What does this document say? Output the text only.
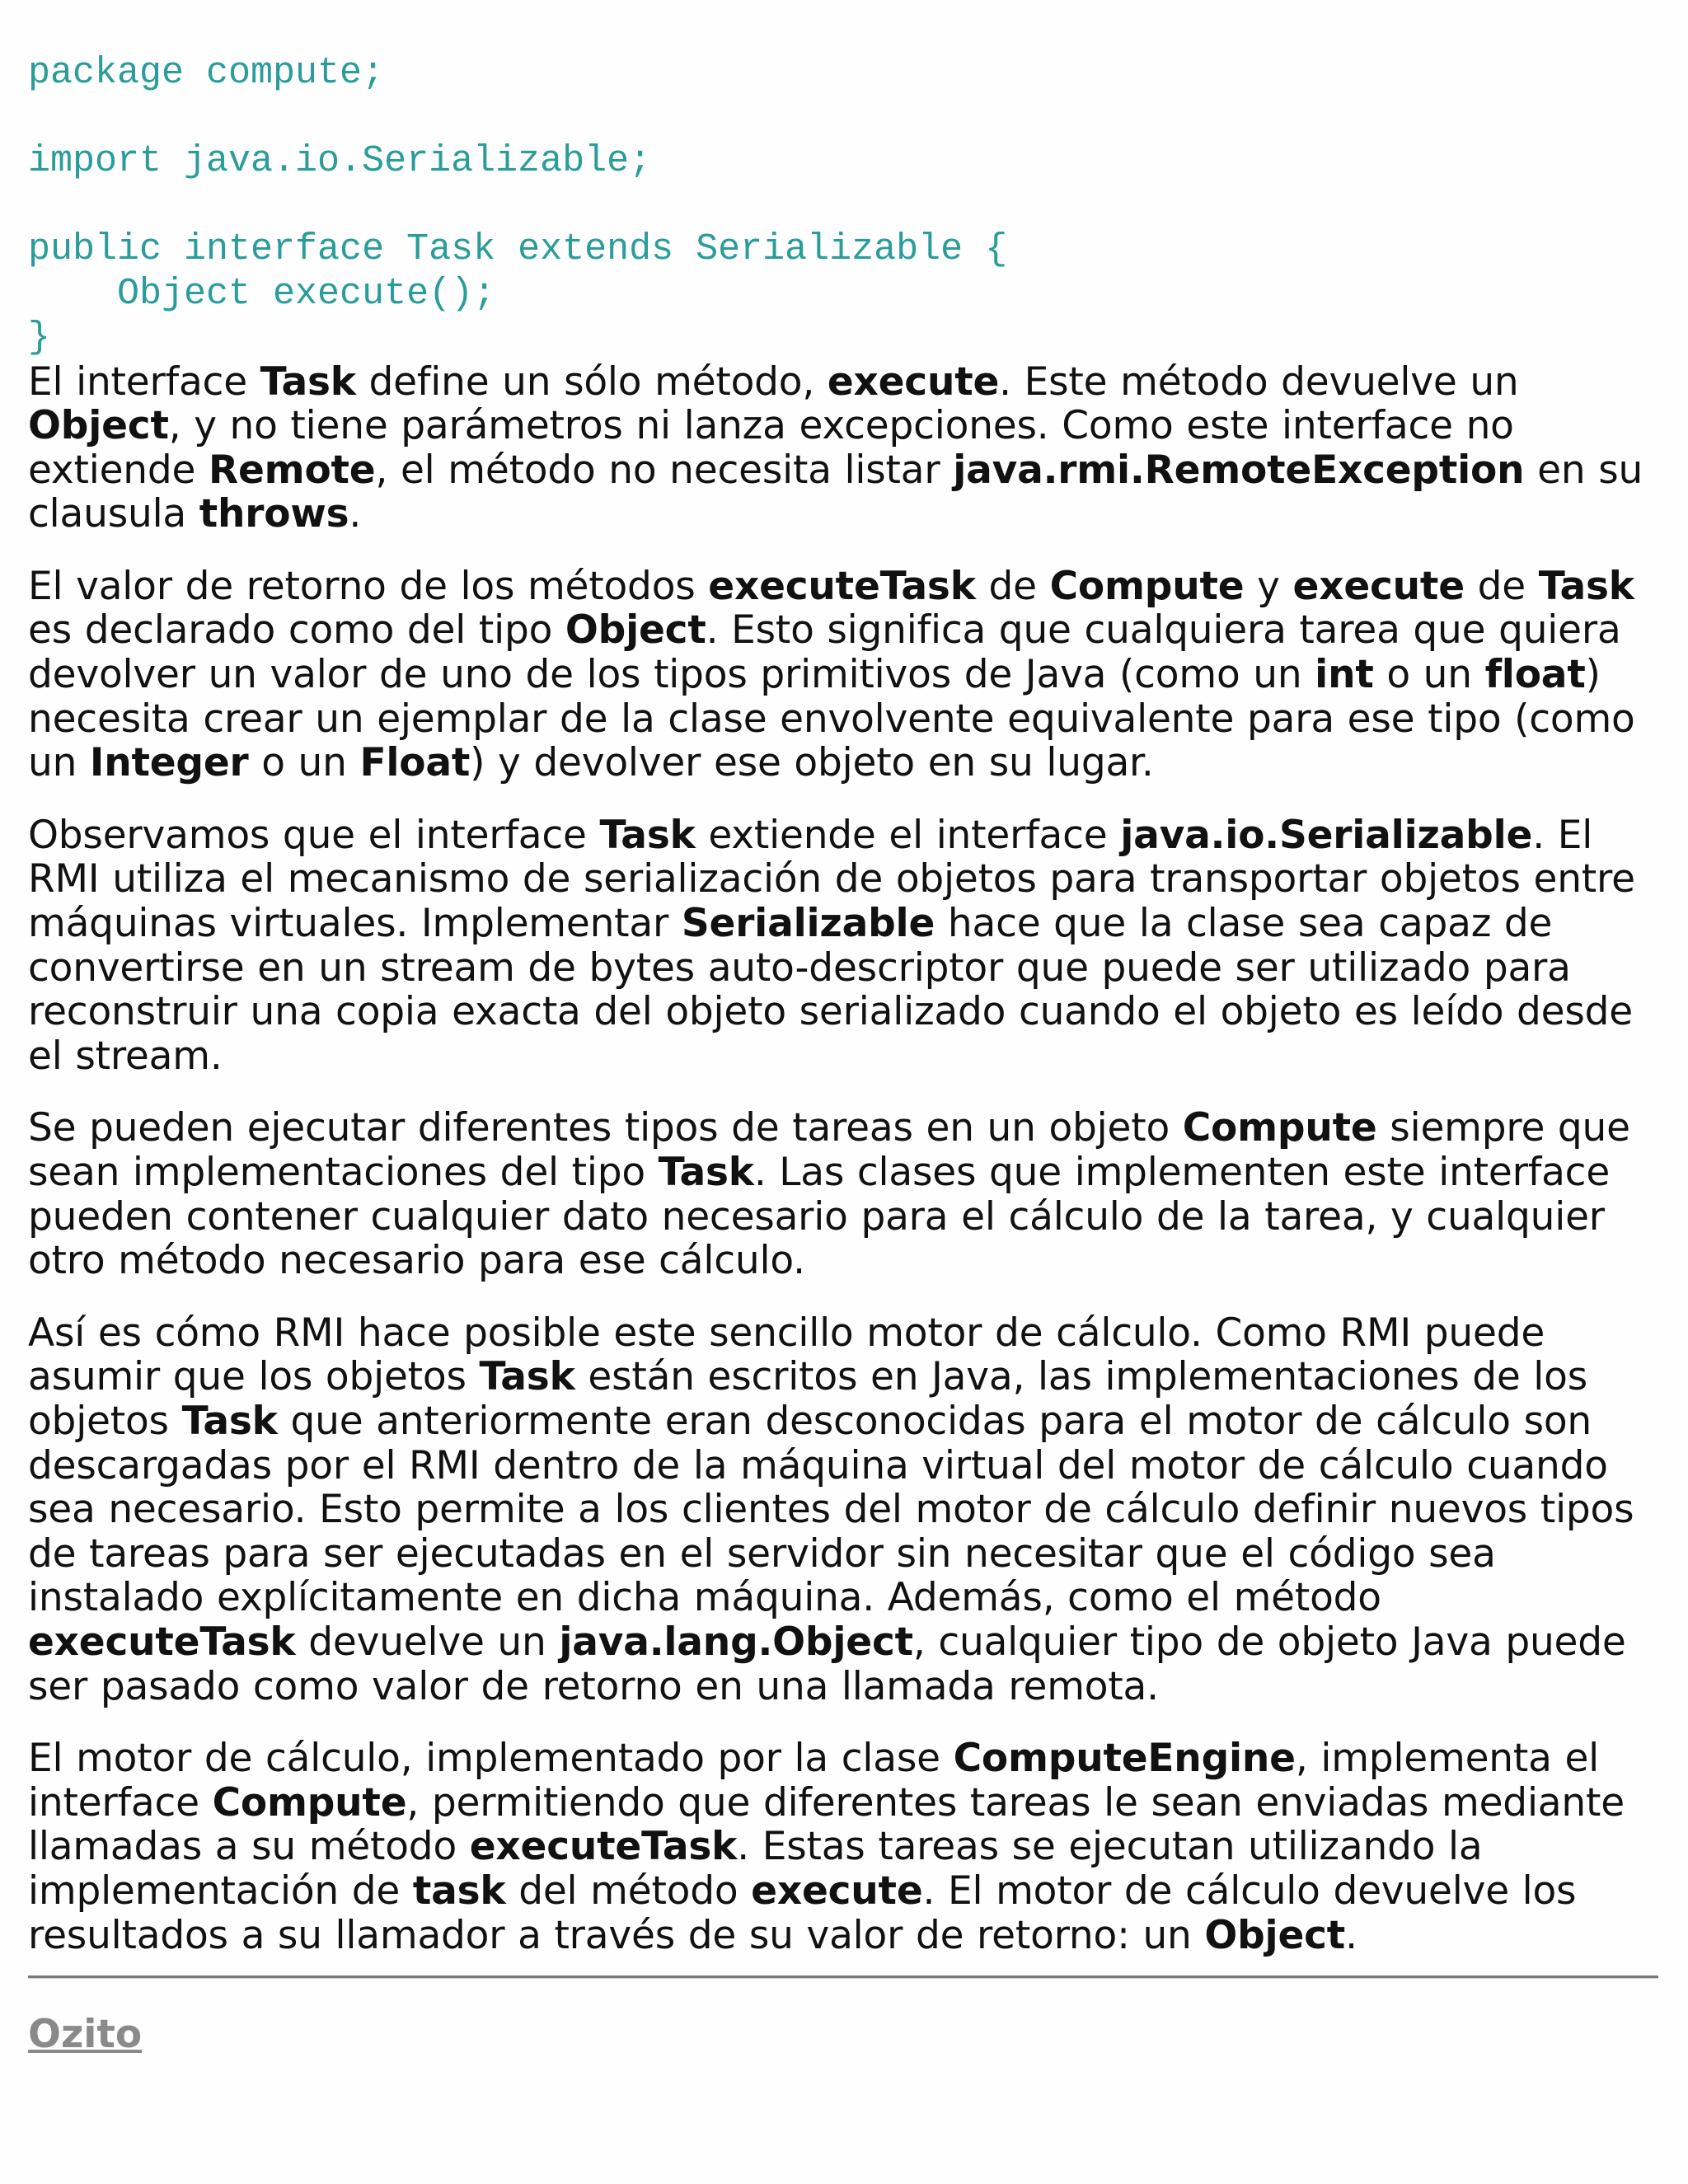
package compute;

import java.io.Serializable;

public interface Task extends Serializable {
Object execute();
}

El interface Task define un sólo método, execute. Este método devuelve un Object, y no tiene parámetros ni lanza excepciones. Como este interface no extiende Remote, el método no necesita listar java.rmi.RemoteException en su clausula throws.

El valor de retorno de los métodos executeTask de Compute y execute de Task es declarado como del tipo Object. Esto significa que cualquiera tarea que quiera devolver un valor de uno de los tipos primitivos de Java (como un int o un float) necesita crear un ejemplar de la clase envolvente equivalente para ese tipo (como un Integer o un Float) y devolver ese objeto en su lugar.

Observamos que el interface Task extiende el interface java.io.Serializable. El RMI utiliza el mecanismo de serialización de objetos para transportar objetos entre máquinas virtuales. Implementar Serializable hace que la clase sea capaz de convertirse en un stream de bytes auto-descriptor que puede ser utilizado para reconstruir una copia exacta del objeto serializado cuando el objeto es leído desde el stream.

Se pueden ejecutar diferentes tipos de tareas en un objeto Compute siempre que sean implementaciones del tipo Task. Las clases que implementen este interface pueden contener cualquier dato necesario para el cálculo de la tarea, y cualquier otro método necesario para ese cálculo.

Así es cómo RMI hace posible este sencillo motor de cálculo. Como RMI puede asumir que los objetos Task están escritos en Java, las implementaciones de los objetos Task que anteriormente eran desconocidas para el motor de cálculo son descargadas por el RMI dentro de la máquina virtual del motor de cálculo cuando sea necesario. Esto permite a los clientes del motor de cálculo definir nuevos tipos de tareas para ser ejecutadas en el servidor sin necesitar que el código sea instalado explícitamente en dicha máquina. Además, como el método executeTask devuelve un java.lang.Object, cualquier tipo de objeto Java puede ser pasado como valor de retorno en una llamada remota.

El motor de cálculo, implementado por la clase ComputeEngine, implementa el interface Compute, permitiendo que diferentes tareas le sean enviadas mediante llamadas a su método executeTask. Estas tareas se ejecutan utilizando la implementación de task del método execute. El motor de cálculo devuelve los resultados a su llamador a través de su valor de retorno: un Object.

Ozito
